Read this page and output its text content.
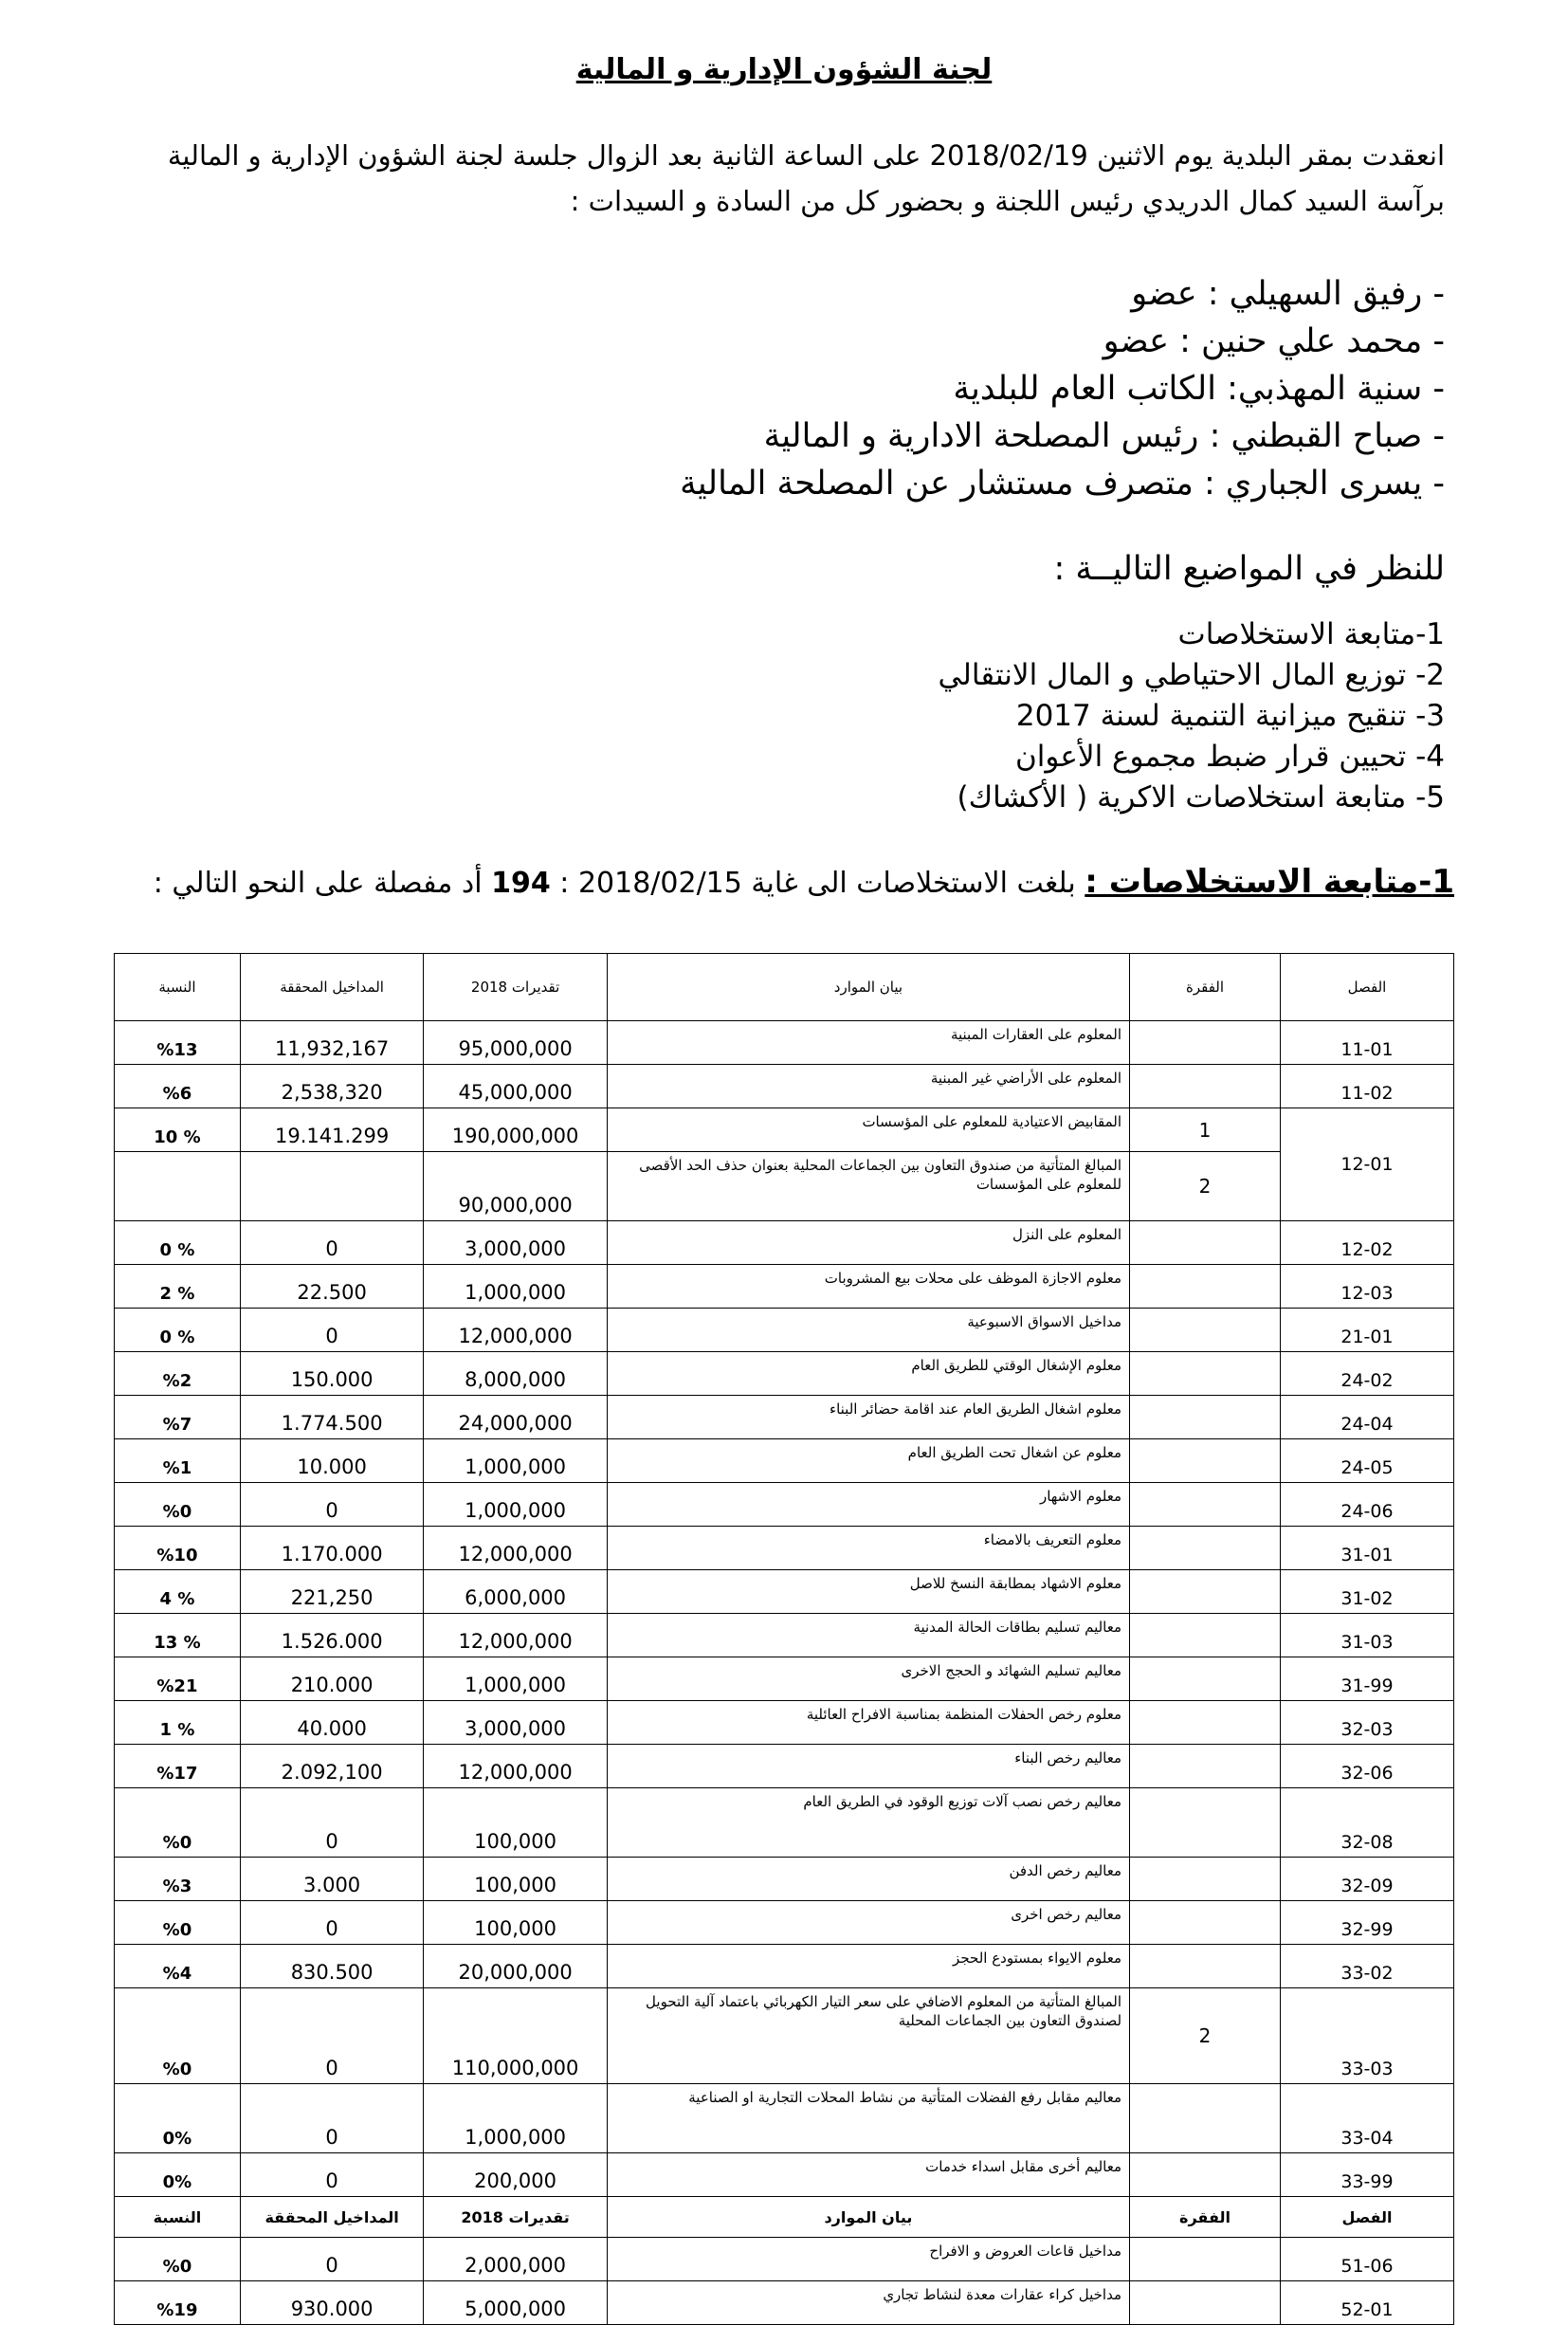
لجنة الشؤون الإدارية و المالية
انعقدت بمقر البلدية يوم الاثنين 2018/02/19 على الساعة الثانية بعد الزوال جلسة لجنة الشؤون الإدارية و المالية برآسة السيد كمال الدريدي رئيس اللجنة و بحضور كل من السادة و السيدات :
- رفيق السهيلي : عضو
- محمد علي حنين : عضو
- سنية المهذبي: الكاتب العام للبلدية
- صباح القبطني : رئيس المصلحة الادارية و المالية
- يسرى الجباري : متصرف مستشار عن المصلحة المالية
للنظر في المواضيع التاليــة :
1-متابعة الاستخلاصات
2- توزيع المال الاحتياطي و المال الانتقالي
3- تنقيح ميزانية التنمية لسنة 2017
4- تحيين قرار ضبط مجموع الأعوان
5- متابعة استخلاصات الاكرية ( الأكشاك)
1-متابعة الاستخلاصات : بلغت الاستخلاصات الى غاية 2018/02/15 : 194 أد مفصلة على النحو التالي :
الفصل	الفقرة	بيان الموارد	تقديرات 2018	المداخيل المحققة	النسبة
11-01		المعلوم على العقارات المبنية	95,000,000	11,932,167	%13
11-02		المعلوم على الأراضي غير المبنية	45,000,000	2,538,320	%6
12-01	1	المقابيض الاعتيادية للمعلوم على المؤسسات	190,000,000	19.141.299	% 10
	2	المبالغ المتأتية من صندوق التعاون بين الجماعات المحلية بعنوان حذف الحد الأقصى للمعلوم على المؤسسات	90,000,000		
12-02		المعلوم على النزل	3,000,000	0	% 0
12-03		معلوم الاجازة الموظف على محلات بيع المشروبات	1,000,000	22.500	% 2
21-01		مداخيل الاسواق الاسبوعية	12,000,000	0	% 0
24-02		معلوم الإشغال الوقتي للطريق العام	8,000,000	150.000	%2
24-04		معلوم اشغال الطريق العام عند اقامة حضائر البناء	24,000,000	1.774.500	%7
24-05		معلوم عن اشغال تحت الطريق العام	1,000,000	10.000	%1
24-06		معلوم الاشهار	1,000,000	0	%0
31-01		معلوم التعريف بالامضاء	12,000,000	1.170.000	%10
31-02		معلوم الاشهاد بمطابقة النسخ للاصل	6,000,000	221,250	% 4
31-03		معاليم تسليم بطاقات الحالة المدنية	12,000,000	1.526.000	% 13
31-99		معاليم تسليم الشهائد و الحجج الاخرى	1,000,000	210.000	%21
32-03		معلوم رخص الحفلات المنظمة بمناسبة الافراح العائلية	3,000,000	40.000	% 1
32-06		معاليم رخص البناء	12,000,000	2.092,100	%17
32-08		معاليم رخص نصب آلات توزيع الوقود في الطريق العام	100,000	0	%0
32-09		معاليم رخص الدفن	100,000	3.000	%3
32-99		معاليم رخص اخرى	100,000	0	%0
33-02		معلوم الايواء بمستودع الحجز	20,000,000	830.500	%4
33-03	2	المبالغ المتأتية من المعلوم الاضافي على سعر التيار الكهربائي باعتماد آلية التحويل لصندوق التعاون بين الجماعات المحلية	110,000,000	0	%0
33-04		معاليم مقابل رفع الفضلات المتأتية من نشاط المحلات التجارية او الصناعية	1,000,000	0	0%
33-99		معاليم أخرى مقابل اسداء خدمات	200,000	0	0%
الفصل	الفقرة	بيان الموارد	تقديرات 2018	المداخيل المحققة	النسبة
51-06		مداخيل قاعات العروض و الافراح	2,000,000	0	%0
52-01		مداخيل كراء عقارات معدة لنشاط تجاري	5,000,000	930.000	%19
